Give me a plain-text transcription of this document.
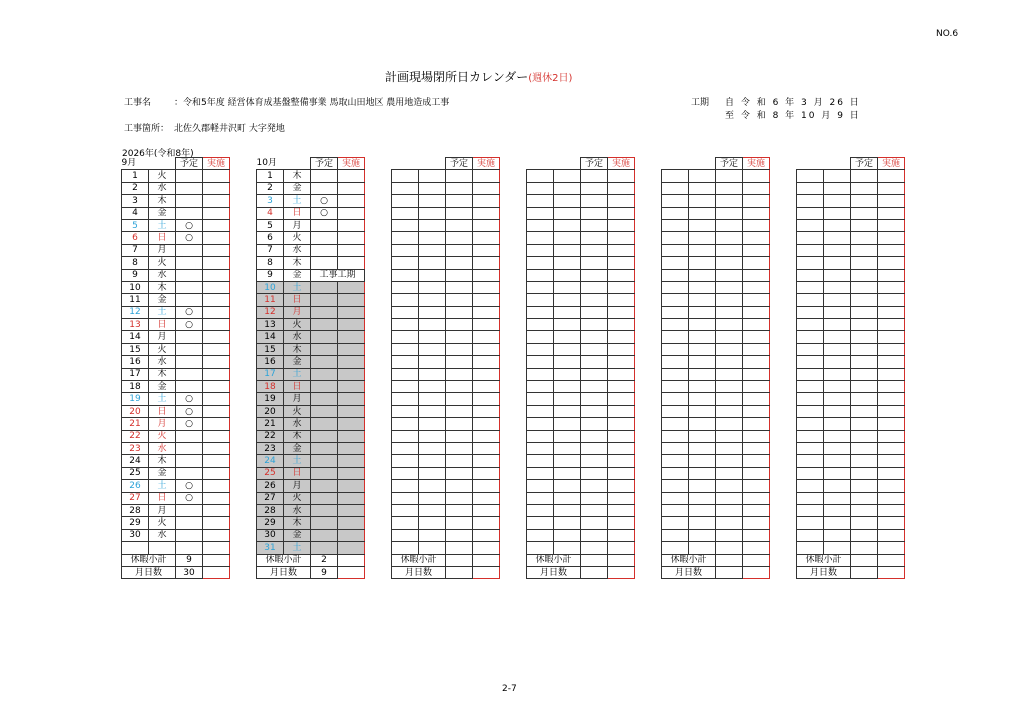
NO.6
計画現場閉所日カレンダー(週休2日)
工事名	：令和5年度 経営体育成基盤整備事業 馬取山田地区 農用地造成工事
工事箇所： 北佐久郡軽井沢町 大字発地
工期 自 令 和 6 年 3 月 26 日
至 令 和 8 年 10 月 9 日
2026年(令和8年)
9月		予定	実施
1	火		
2	水		
3	木		
4	金		
5	土	○	
6	日	○	
7	月		
8	火		
9	水		
10	木		
11	金		
12	土	○	
13	日	○	
14	月		
15	火		
16	水		
17	木		
18	金		
19	土	○	
20	日	○	
21	月	○	
22	火		
23	水		
24	木		
25	金		
26	土	○	
27	日	○	
28	月		
29	火		
30	水		

休暇小計		9	
月日数		30	
10月		予定	実施
1	木		
2	金		
3	土	○	
4	日	○	
5	月		
6	火		
7	水		
8	木		
9	金	工事工期	
10	土		
11	日		
12	月		
13	火		
14	水		
15	木		
16	金		
17	土		
18	日		
19	月		
20	火		
21	水		
22	木		
23	金		
24	土		
25	日		
26	月		
27	火		
28	水		
29	木		
30	金		
31	土		
休暇小計		2	
月日数		9	
		予定	実施

休暇小計			
月日数			
		予定	実施

休暇小計			
月日数			
		予定	実施

休暇小計			
月日数			
		予定	実施

休暇小計			
月日数			
2-7
